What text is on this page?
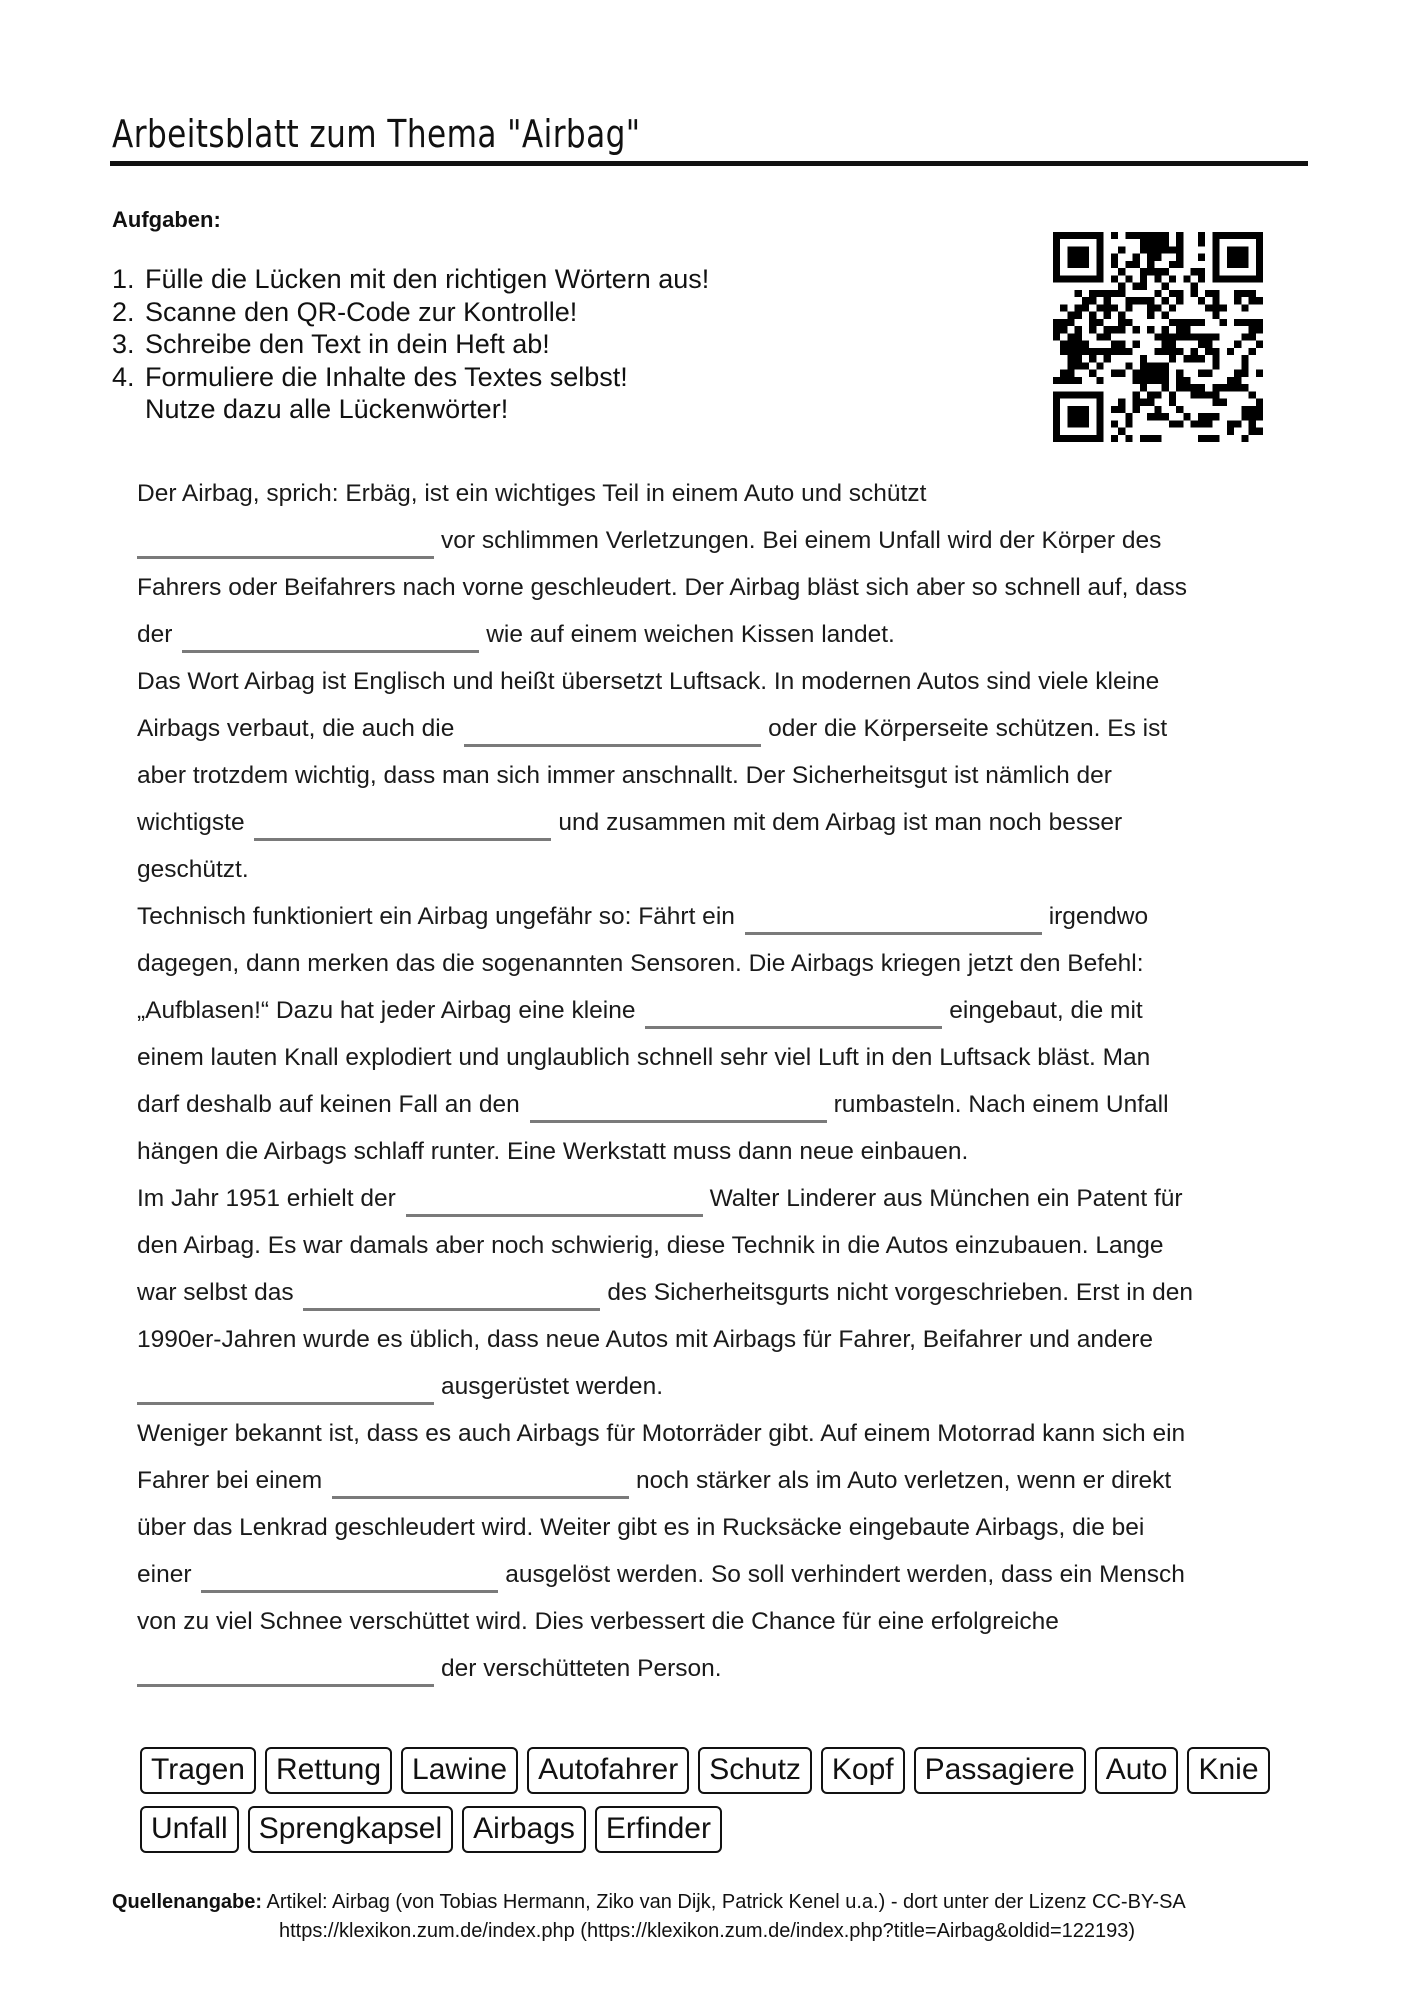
Arbeitsblatt zum Thema "Airbag"
Aufgaben:
1. Fülle die Lücken mit den richtigen Wörtern aus!
2. Scanne den QR-Code zur Kontrolle!
3. Schreibe den Text in dein Heft ab!
4. Formuliere die Inhalte des Textes selbst!
Nutze dazu alle Lückenwörter!

Der Airbag, sprich: Erbäg, ist ein wichtiges Teil in einem Auto und schützt

vor schlimmen Verletzungen. Bei einem Unfall wird der Körper des

Fahrers oder Beifahrers nach vorne geschleudert. Der Airbag bläst sich aber so schnell auf, dass

der	wie auf einem weichen Kissen landet.

Das Wort Airbag ist Englisch und heißt übersetzt Luftsack. In modernen Autos sind viele kleine

Airbags verbaut, die auch die	oder die Körperseite schützen. Es ist

aber trotzdem wichtig, dass man sich immer anschnallt. Der Sicherheitsgut ist nämlich der

wichtigste	und zusammen mit dem Airbag ist man noch besser

geschützt.

Technisch funktioniert ein Airbag ungefähr so: Fährt ein	irgendwo

dagegen, dann merken das die sogenannten Sensoren. Die Airbags kriegen jetzt den Befehl:

„Aufblasen!“ Dazu hat jeder Airbag eine kleine	eingebaut, die mit

einem lauten Knall explodiert und unglaublich schnell sehr viel Luft in den Luftsack bläst. Man

darf deshalb auf keinen Fall an den	rumbasteln. Nach einem Unfall

hängen die Airbags schlaff runter. Eine Werkstatt muss dann neue einbauen.

Im Jahr 1951 erhielt der	Walter Linderer aus München ein Patent für

den Airbag. Es war damals aber noch schwierig, diese Technik in die Autos einzubauen. Lange

war selbst das	des Sicherheitsgurts nicht vorgeschrieben. Erst in den

1990er-Jahren wurde es üblich, dass neue Autos mit Airbags für Fahrer, Beifahrer und andere

ausgerüstet werden.

Weniger bekannt ist, dass es auch Airbags für Motorräder gibt. Auf einem Motorrad kann sich ein

Fahrer bei einem	noch stärker als im Auto verletzen, wenn er direkt

über das Lenkrad geschleudert wird. Weiter gibt es in Rucksäcke eingebaute Airbags, die bei

einer	ausgelöst werden. So soll verhindert werden, dass ein Mensch

von zu viel Schnee verschüttet wird. Dies verbessert die Chance für eine erfolgreiche

der verschütteten Person.

Tragen	Rettung	Lawine	Autofahrer	Schutz	Kopf	Passagiere	Auto	Knie
Unfall	Sprengkapsel	Airbags	Erfinder
Quellenangabe: Artikel: Airbag (von Tobias Hermann, Ziko van Dijk, Patrick Kenel u.a.) - dort unter der Lizenz CC-BY-SA
https://klexikon.zum.de/index.php (https://klexikon.zum.de/index.php?title=Airbag&oldid=122193)
